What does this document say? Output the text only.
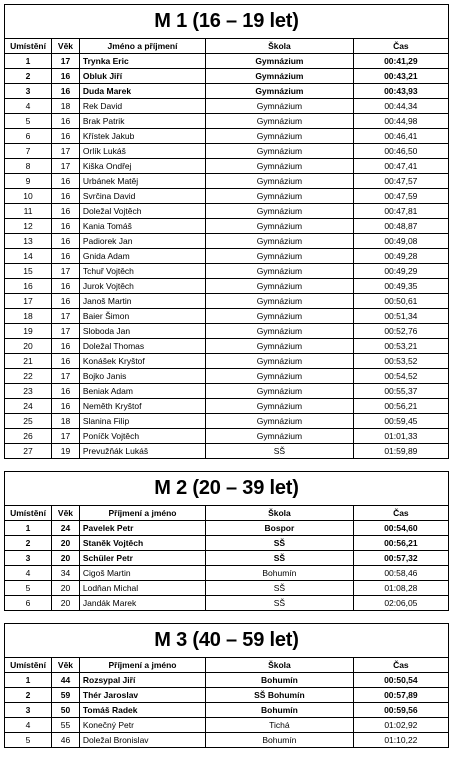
M 1 (16 – 19 let)				
Umístění	Věk	Jméno a příjmení	Škola	Čas
1	17	Trynka Eric	Gymnázium	00:41,29
2	16	Obluk Jiří	Gymnázium	00:43,21
3	16	Duda Marek	Gymnázium	00:43,93
4	18	Rek David	Gymnázium	00:44,34
5	16	Brak Patrik	Gymnázium	00:44,98
6	16	Křístek Jakub	Gymnázium	00:46,41
7	17	Orlík Lukáš	Gymnázium	00:46,50
8	17	Kiška Ondřej	Gymnázium	00:47,41
9	16	Urbánek Matěj	Gymnázium	00:47,57
10	16	Svrčina David	Gymnázium	00:47,59
11	16	Doležal Vojtěch	Gymnázium	00:47,81
12	16	Kania Tomáš	Gymnázium	00:48,87
13	16	Padiorek Jan	Gymnázium	00:49,08
14	16	Gnida Adam	Gymnázium	00:49,28
15	17	Tchuř Vojtěch	Gymnázium	00:49,29
16	16	Jurok Vojtěch	Gymnázium	00:49,35
17	16	Janoš Martin	Gymnázium	00:50,61
18	17	Baier Šimon	Gymnázium	00:51,34
19	17	Sloboda Jan	Gymnázium	00:52,76
20	16	Doležal Thomas	Gymnázium	00:53,21
21	16	Konášek Kryštof	Gymnázium	00:53,52
22	17	Bojko Janis	Gymnázium	00:54,52
23	16	Beniak Adam	Gymnázium	00:55,37
24	16	Neměth Kryštof	Gymnázium	00:56,21
25	18	Slanina Filip	Gymnázium	00:59,45
26	17	Poníčk Vojtěch	Gymnázium	01:01,33
27	19	Prevužňák Lukáš	SŠ	01:59,89

M 2 (20 – 39 let)				
Umístění	Věk	Příjmení a jméno	Škola	Čas
1	24	Pavelek Petr	Bospor	00:54,60
2	20	Staněk Vojtěch	SŠ	00:56,21
3	20	Schüler Petr	SŠ	00:57,32
4	34	Cigoš Martin	Bohumín	00:58,46
5	20	Lodňan Michal	SŠ	01:08,28
6	20	Jandák Marek	SŠ	02:06,05

M 3 (40 – 59 let)				
Umístění	Věk	Příjmení a jméno	Škola	Čas
1	44	Rozsypal Jiří	Bohumín	00:50,54
2	59	Thér Jaroslav	SŠ Bohumín	00:57,89
3	50	Tomáš Radek	Bohumín	00:59,56
4	55	Konečný Petr	Tichá	01:02,92
5	46	Doležal Bronislav	Bohumín	01:10,22
